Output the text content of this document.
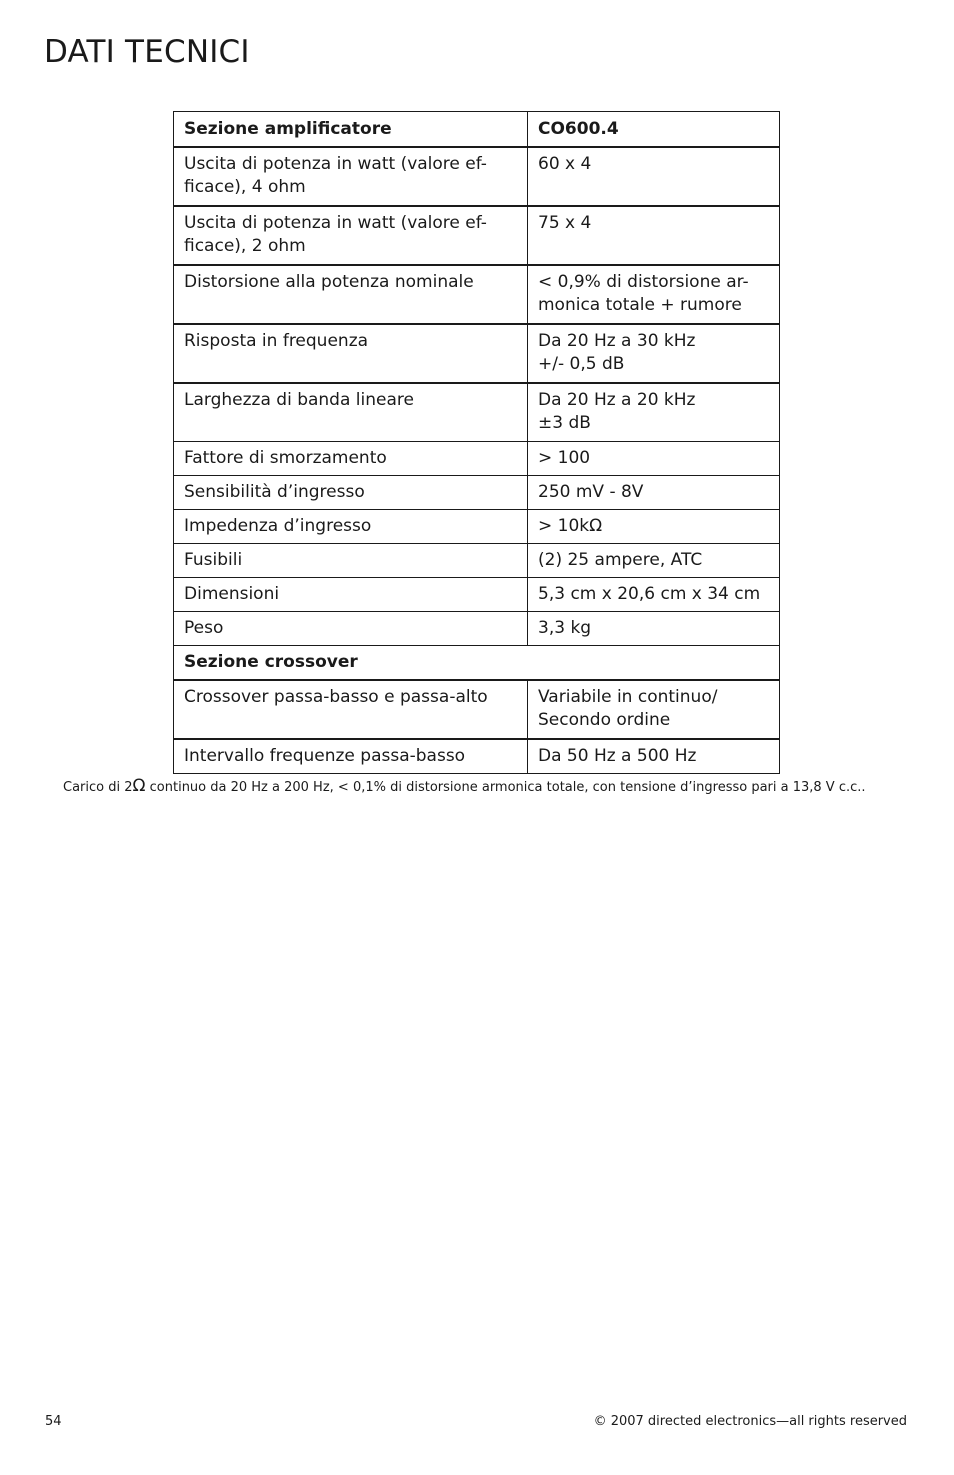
DATI TECNICI
Sezione amplificatore	CO600.4
Uscita di potenza in watt (valore ef-
ficace), 4 ohm	60 x 4
Uscita di potenza in watt (valore ef-
ficace), 2 ohm	75 x 4
Distorsione alla potenza nominale	< 0,9% di distorsione ar-
monica totale + rumore
Risposta in frequenza	Da 20 Hz a 30 kHz
+/- 0,5 dB
Larghezza di banda lineare	Da 20 Hz a 20 kHz
±3 dB
Fattore di smorzamento	> 100
Sensibilità d’ingresso	250 mV - 8V
Impedenza d’ingresso	> 10kΩ
Fusibili	(2) 25 ampere, ATC
Dimensioni	5,3 cm x 20,6 cm x 34 cm
Peso	3,3 kg
Sezione crossover	
Crossover passa-basso e passa-alto	Variabile in continuo/
Secondo ordine
Intervallo frequenze passa-basso	Da 50 Hz a 500 Hz
Carico di 2Ω continuo da 20 Hz a 200 Hz, < 0,1% di distorsione armonica totale, con tensione d’ingresso pari a 13,8 V c.c..
54	© 2007 directed electronics—all rights reserved
